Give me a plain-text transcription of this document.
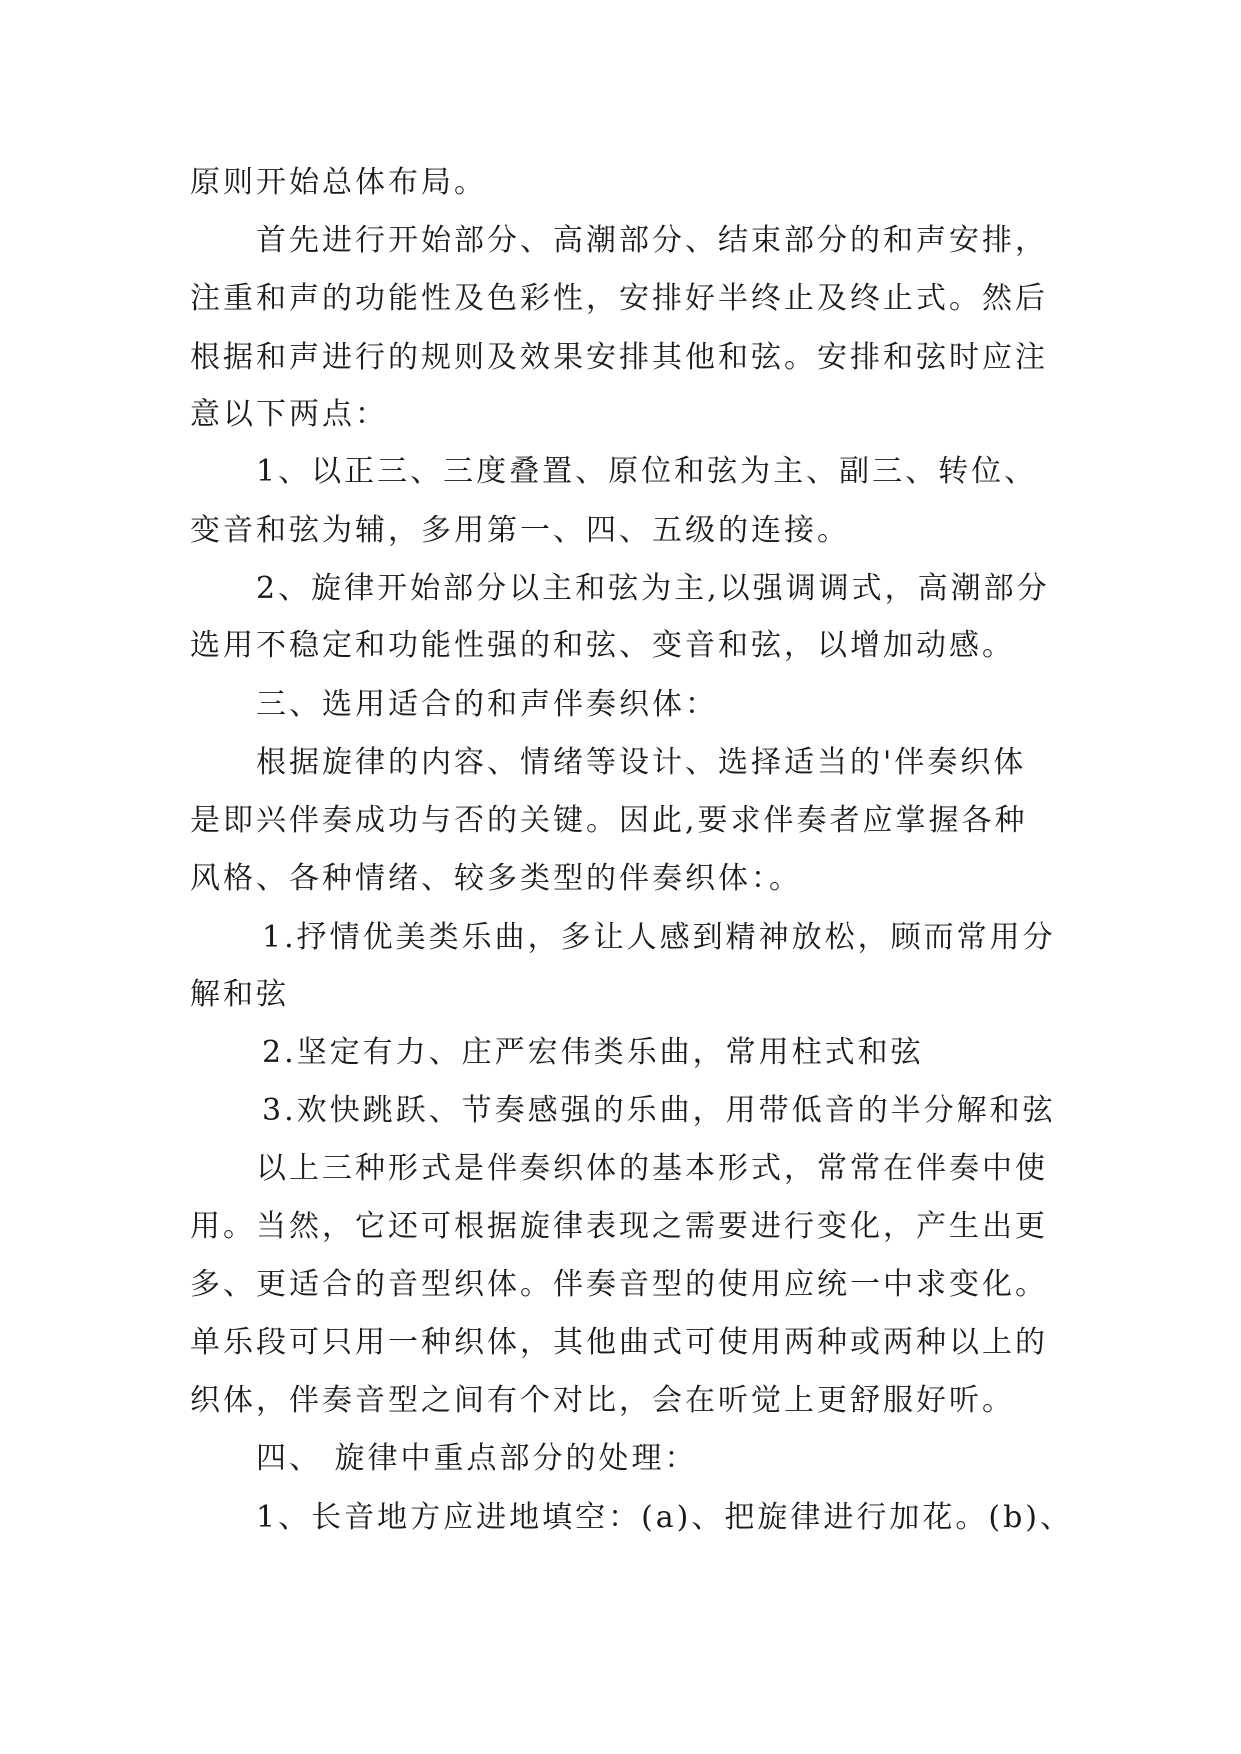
原则开始总体布局。
首先进行开始部分、高潮部分、结束部分的和声安排，
注重和声的功能性及色彩性，安排好半终止及终止式。然后
根据和声进行的规则及效果安排其他和弦。安排和弦时应注
意以下两点：
1、以正三、三度叠置、原位和弦为主、副三、转位、
变音和弦为辅，多用第一、四、五级的连接。
2、旋律开始部分以主和弦为主,以强调调式，高潮部分
选用不稳定和功能性强的和弦、变音和弦，以增加动感。
三、选用适合的和声伴奏织体：
根据旋律的内容、情绪等设计、选择适当的'伴奏织体
是即兴伴奏成功与否的关键。因此,要求伴奏者应掌握各种
风格、各种情绪、较多类型的伴奏织体：。
1.抒情优美类乐曲，多让人感到精神放松，顾而常用分
解和弦
2.坚定有力、庄严宏伟类乐曲，常用柱式和弦
3.欢快跳跃、节奏感强的乐曲，用带低音的半分解和弦
以上三种形式是伴奏织体的基本形式，常常在伴奏中使
用。当然，它还可根据旋律表现之需要进行变化，产生出更
多、更适合的音型织体。伴奏音型的使用应统一中求变化。
单乐段可只用一种织体，其他曲式可使用两种或两种以上的
织体，伴奏音型之间有个对比，会在听觉上更舒服好听。
四、 旋律中重点部分的处理：
1、长音地方应进地填空：(a)、把旋律进行加花。(b)、
